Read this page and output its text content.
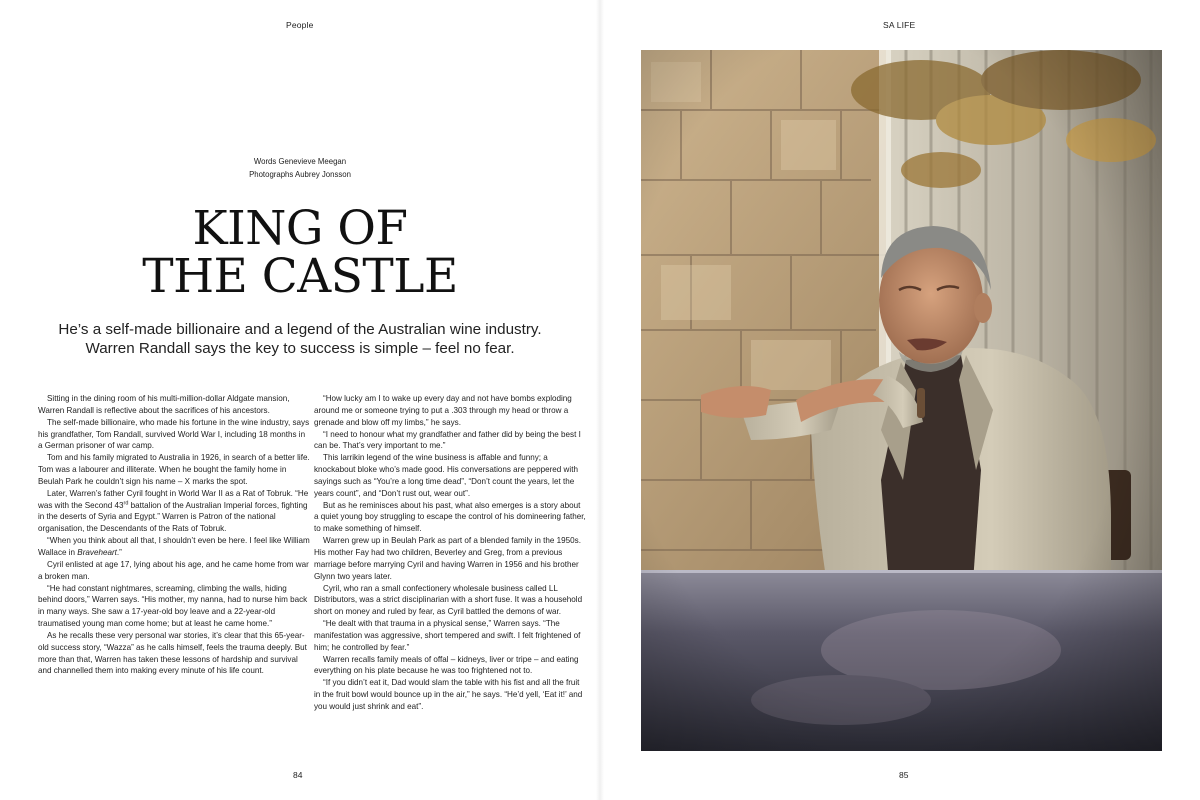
People
Words Genevieve Meegan
Photographs Aubrey Jonsson
KING OF
THE CASTLE

He’s a self-made billionaire and a legend of the Australian wine industry.
Warren Randall says the key to success is simple – feel no fear.

Sitting in the dining room of his multi-million-dollar Aldgate mansion, Warren Randall is reflective about the sacrifices of his ancestors.

The self-made billionaire, who made his fortune in the wine industry, says his grandfather, Tom Randall, survived World War I, including 18 months in a German prisoner of war camp.

Tom and his family migrated to Australia in 1926, in search of a better life. Tom was a labourer and illiterate. When he bought the family home in Beulah Park he couldn’t sign his name – X marks the spot.

Later, Warren’s father Cyril fought in World War II as a Rat of Tobruk. “He was with the Second 43rd battalion of the Australian Imperial forces, fighting in the deserts of Syria and Egypt.” Warren is Patron of the national organisation, the Descendants of the Rats of Tobruk.

“When you think about all that, I shouldn’t even be here. I feel like William Wallace in Braveheart.”

Cyril enlisted at age 17, lying about his age, and he came home from war a broken man.

“He had constant nightmares, screaming, climbing the walls, hiding behind doors,” Warren says. “His mother, my nanna, had to nurse him back in many ways. She saw a 17-year-old boy leave and a 22-year-old traumatised young man come home; but at least he came home.”

As he recalls these very personal war stories, it’s clear that this 65-year-old success story, “Wazza” as he calls himself, feels the trauma deeply. But more than that, Warren has taken these lessons of hardship and survival and channelled them into making every minute of his life count.

“How lucky am I to wake up every day and not have bombs exploding around me or someone trying to put a .303 through my head or throw a grenade and blow off my limbs,” he says.

“I need to honour what my grandfather and father did by being the best I can be. That’s very important to me.”

This larrikin legend of the wine business is affable and funny; a knockabout bloke who’s made good. His conversations are peppered with sayings such as “You’re a long time dead”, “Don’t count the years, let the years count”, and “Don’t rust out, wear out”.

But as he reminisces about his past, what also emerges is a story about a quiet young boy struggling to escape the control of his domineering father, to make something of himself.

Warren grew up in Beulah Park as part of a blended family in the 1950s. His mother Fay had two children, Beverley and Greg, from a previous marriage before marrying Cyril and having Warren in 1956 and his brother Glynn two years later.

Cyril, who ran a small confectionery wholesale business called LL Distributors, was a strict disciplinarian with a short fuse. It was a household short on money and ruled by fear, as Cyril battled the demons of war.

“He dealt with that trauma in a physical sense,” Warren says. “The manifestation was aggressive, short tempered and swift. I felt frightened of him; he controlled by fear.”

Warren recalls family meals of offal – kidneys, liver or tripe – and eating everything on his plate because he was too frightened not to.

“If you didn’t eat it, Dad would slam the table with his fist and all the fruit in the fruit bowl would bounce up in the air,” he says. “He’d yell, ‘Eat it!’ and you would just shrink and eat”.

84
SA LIFE
85
